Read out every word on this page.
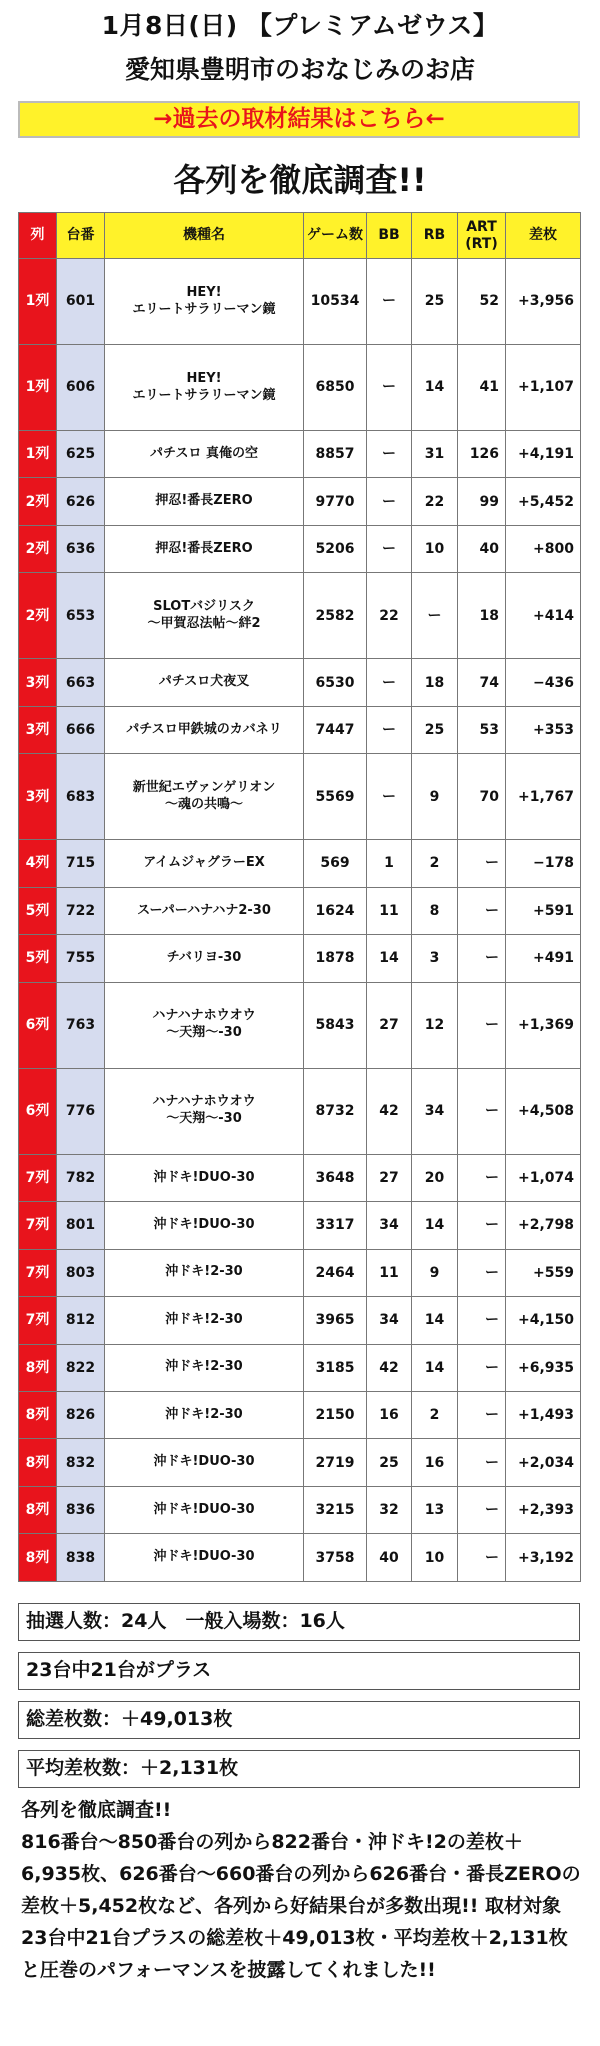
1月8日(日) 【プレミアムゼウス】
愛知県豊明市のおなじみのお店
→過去の取材結果はこちら←
各列を徹底調査!!
列	台番	機種名	ゲーム数	BB	RB	ART
(RT)	差枚
1列	601	HEY!
エリートサラリーマン鏡	10534	ー	25	52	+3,956
1列	606	HEY!
エリートサラリーマン鏡	6850	ー	14	41	+1,107
1列	625	パチスロ 真俺の空	8857	ー	31	126	+4,191
2列	626	押忍!番長ZERO	9770	ー	22	99	+5,452
2列	636	押忍!番長ZERO	5206	ー	10	40	+800
2列	653	SLOTバジリスク
〜甲賀忍法帖〜絆2	2582	22	ー	18	+414
3列	663	パチスロ犬夜叉	6530	ー	18	74	−436
3列	666	パチスロ甲鉄城のカバネリ	7447	ー	25	53	+353
3列	683	新世紀エヴァンゲリオン
〜魂の共鳴〜	5569	ー	9	70	+1,767
4列	715	アイムジャグラーEX	569	1	2	ー	−178
5列	722	スーパーハナハナ2-30	1624	11	8	ー	+591
5列	755	チバリヨ-30	1878	14	3	ー	+491
6列	763	ハナハナホウオウ
〜天翔〜-30	5843	27	12	ー	+1,369
6列	776	ハナハナホウオウ
〜天翔〜-30	8732	42	34	ー	+4,508
7列	782	沖ドキ!DUO-30	3648	27	20	ー	+1,074
7列	801	沖ドキ!DUO-30	3317	34	14	ー	+2,798
7列	803	沖ドキ!2-30	2464	11	9	ー	+559
7列	812	沖ドキ!2-30	3965	34	14	ー	+4,150
8列	822	沖ドキ!2-30	3185	42	14	ー	+6,935
8列	826	沖ドキ!2-30	2150	16	2	ー	+1,493
8列	832	沖ドキ!DUO-30	2719	25	16	ー	+2,034
8列	836	沖ドキ!DUO-30	3215	32	13	ー	+2,393
8列	838	沖ドキ!DUO-30	3758	40	10	ー	+3,192
抽選人数：24人　一般入場数：16人
23台中21台がプラス
総差枚数：＋49,013枚
平均差枚数：＋2,131枚
各列を徹底調査!!
816番台〜850番台の列から822番台・沖ドキ!2の差枚＋6,935枚、626番台〜660番台の列から626番台・番長ZEROの差枚＋5,452枚など、各列から好結果台が多数出現!! 取材対象23台中21台プラスの総差枚＋49,013枚・平均差枚＋2,131枚と圧巻のパフォーマンスを披露してくれました!!
